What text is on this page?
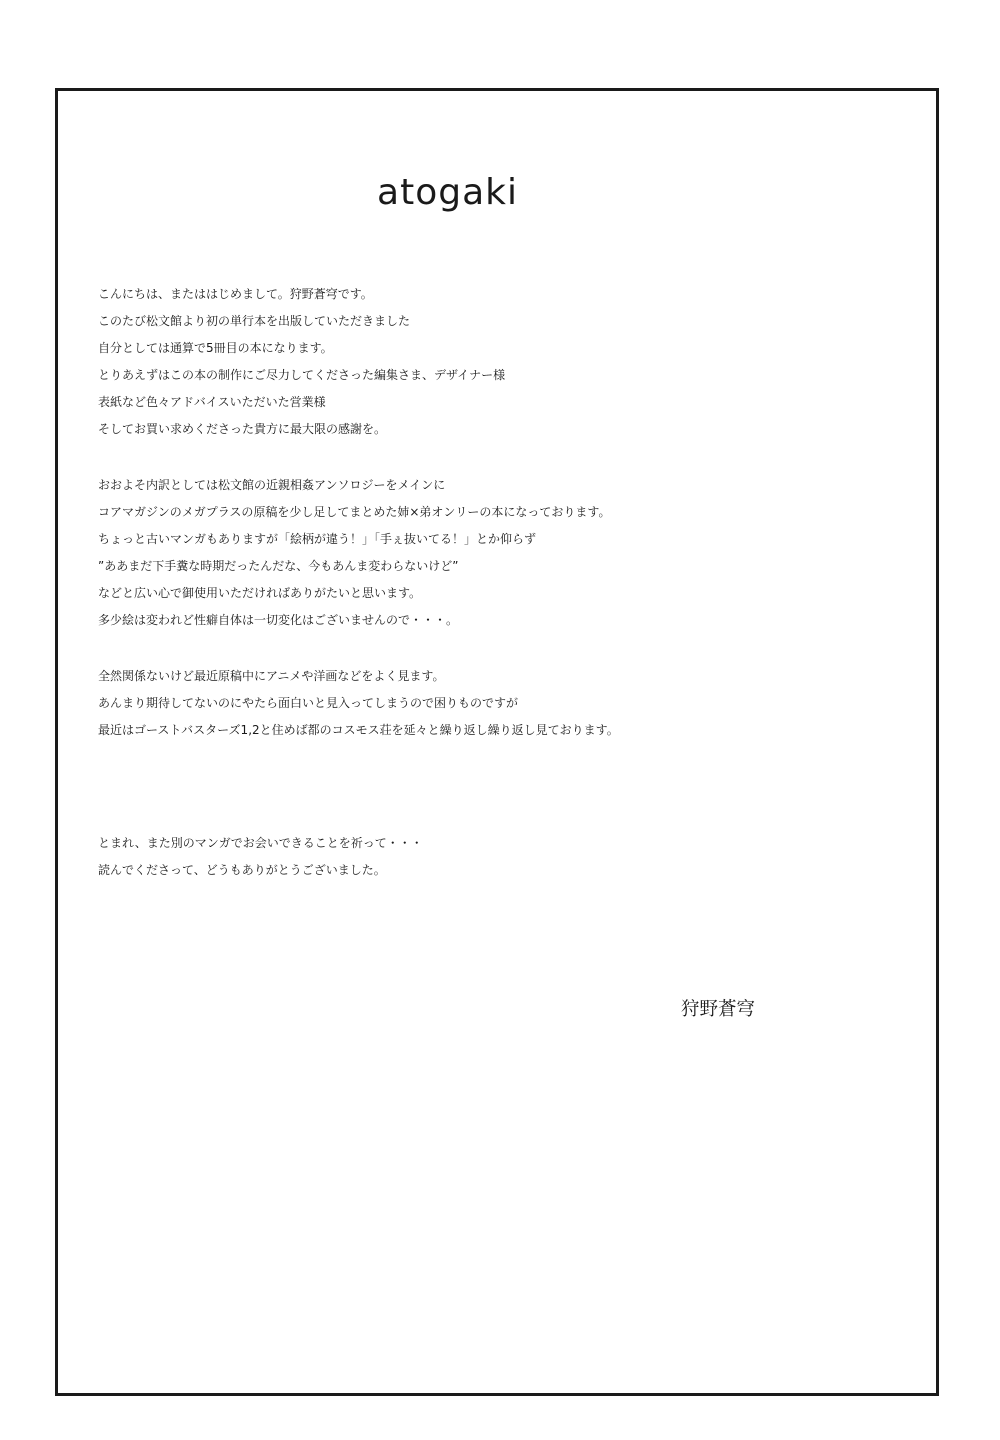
atogaki
こんにちは、またははじめまして。狩野蒼穹です。
このたび松文館より初の単行本を出版していただきました
自分としては通算で5冊目の本になります。
とりあえずはこの本の制作にご尽力してくださった編集さま、デザイナー様
表紙など色々アドバイスいただいた営業様
そしてお買い求めくださった貴方に最大限の感謝を。
おおよそ内訳としては松文館の近親相姦アンソロジーをメインに
コアマガジンのメガプラスの原稿を少し足してまとめた姉×弟オンリーの本になっております。
ちょっと古いマンガもありますが「絵柄が違う！」「手ぇ抜いてる！」とか仰らず
”ああまだ下手糞な時期だったんだな、今もあんま変わらないけど”
などと広い心で御使用いただければありがたいと思います。
多少絵は変われど性癖自体は一切変化はございませんので・・・。
全然関係ないけど最近原稿中にアニメや洋画などをよく見ます。
あんまり期待してないのにやたら面白いと見入ってしまうので困りものですが
最近はゴーストバスターズ1,2と住めば都のコスモス荘を延々と繰り返し繰り返し見ております。
とまれ、また別のマンガでお会いできることを祈って・・・
読んでくださって、どうもありがとうございました。
狩野蒼穹
